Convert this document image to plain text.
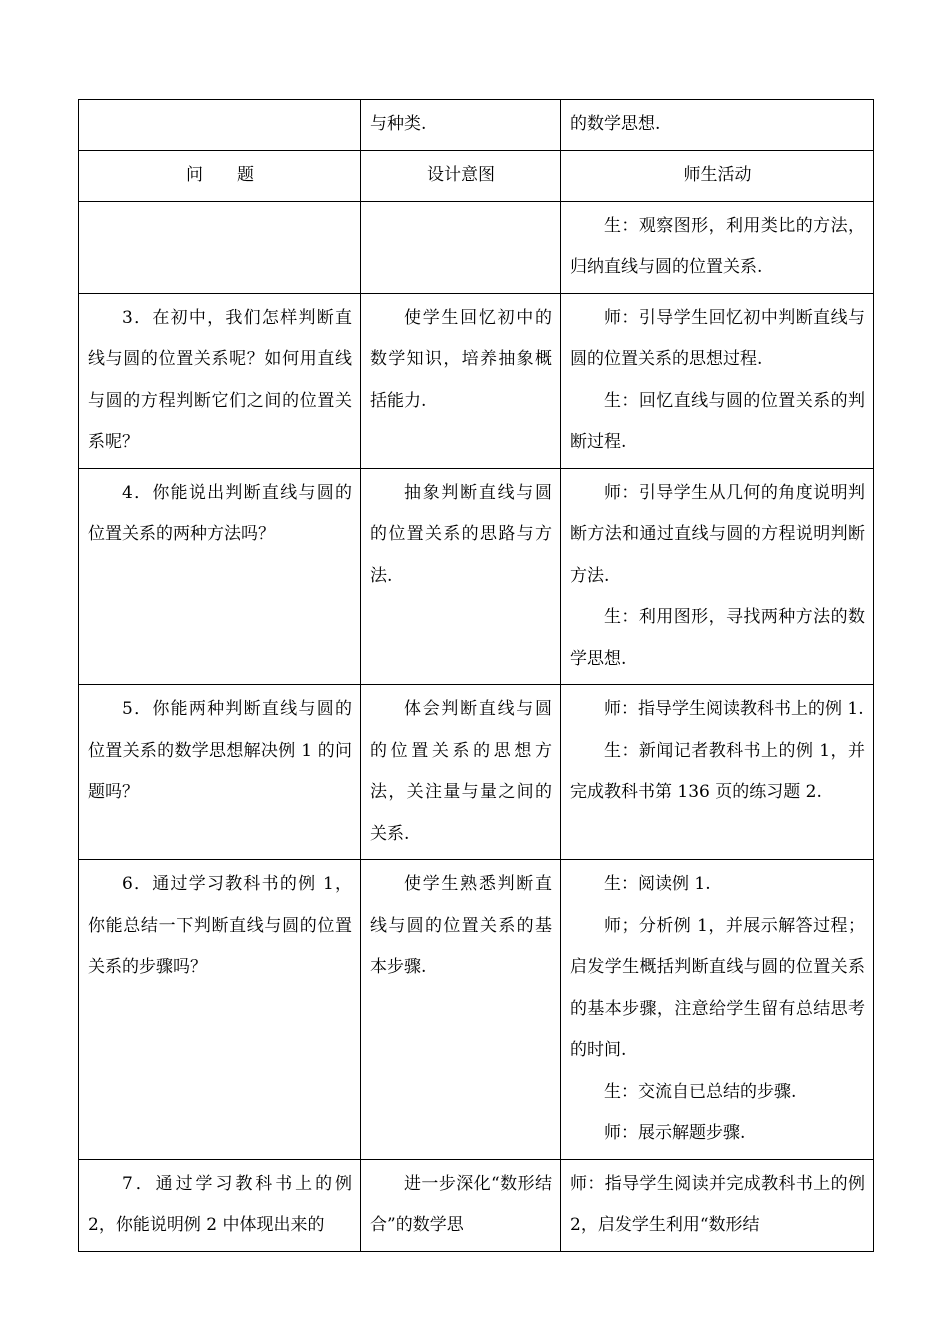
	与种类.	的数学思想.

问　　题	设计意图	师生活动

		生：观察图形，利用类比的方法，归纳直线与圆的位置关系.

3．在初中，我们怎样判断直线与圆的位置关系呢？如何用直线与圆的方程判断它们之间的位置关系呢？	使学生回忆初中的数学知识，培养抽象概括能力.	师：引导学生回忆初中判断直线与圆的位置关系的思想过程.
生：回忆直线与圆的位置关系的判断过程.

4．你能说出判断直线与圆的位置关系的两种方法吗？	抽象判断直线与圆的位置关系的思路与方法.	师：引导学生从几何的角度说明判断方法和通过直线与圆的方程说明判断方法.
生：利用图形，寻找两种方法的数学思想.

5．你能两种判断直线与圆的位置关系的数学思想解决例 1 的问题吗？	体会判断直线与圆的位置关系的思想方法，关注量与量之间的关系.	师：指导学生阅读教科书上的例 1.
生：新闻记者教科书上的例 1，并完成教科书第 136 页的练习题 2.

6．通过学习教科书的例 1，你能总结一下判断直线与圆的位置关系的步骤吗？	使学生熟悉判断直线与圆的位置关系的基本步骤.	生：阅读例 1.
师；分析例 1，并展示解答过程；启发学生概括判断直线与圆的位置关系的基本步骤，注意给学生留有总结思考的时间.
生：交流自已总结的步骤.
师：展示解题步骤.

7．通过学习教科书上的例 2，你能说明例 2 中体现出来的	进一步深化“数形结合”的数学思	师：指导学生阅读并完成教科书上的例 2，启发学生利用“数形结
